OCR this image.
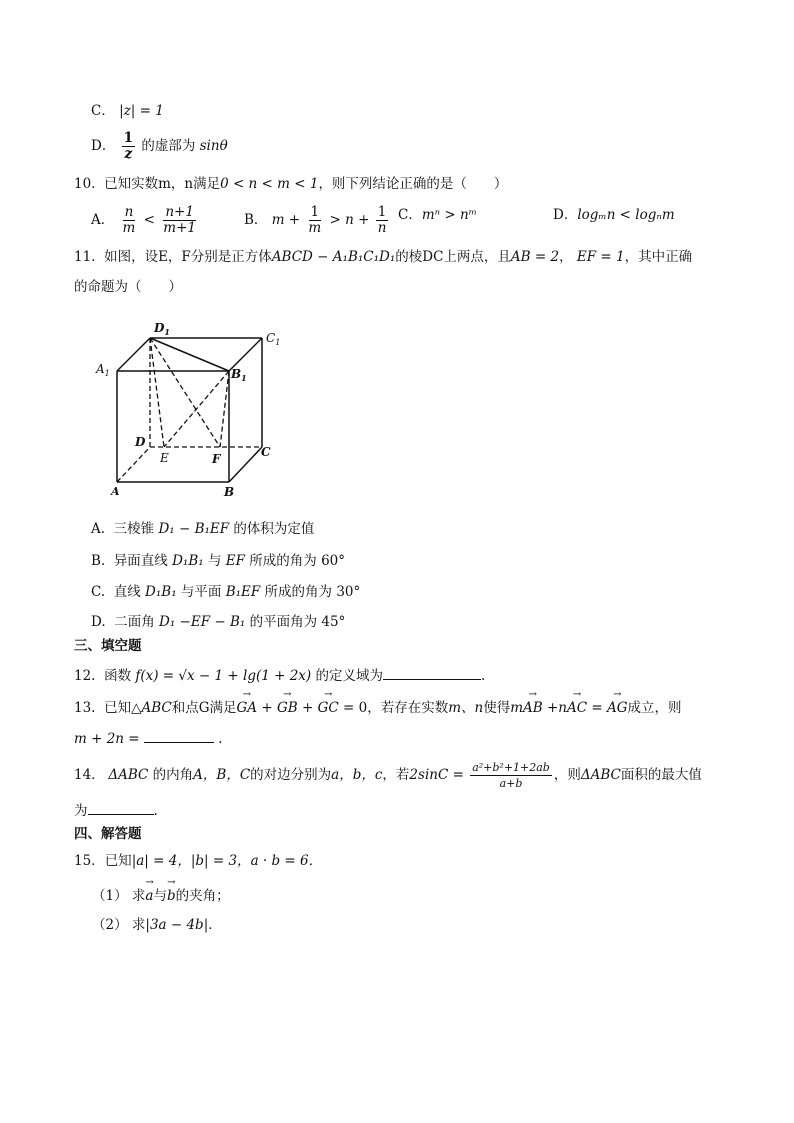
C． |z| = 1
D． $\frac{1}{z}$ 的虚部为 sinθ
10. 已知实数m，n满足0 < n < m < 1，则下列结论正确的是（　　）
A． $\frac{n}{m} < \frac{n+1}{m+1}$	B． $m + \frac{1}{m} > n + \frac{1}{n}$ C．mⁿ > nᵐ	D．logₘn < logₙm
11. 如图，设E，F分别是正方体ABCD − A₁B₁C₁D₁的棱DC上两点，且AB = 2， EF = 1，其中正确
的命题为（　　）
$D_1$	$C_1$
$A_1$	$B_1$
D
E	F	C
A	B
A. 三棱锥 D₁ − B₁EF 的体积为定值
B. 异面直线 D₁B₁ 与 EF 所成的角为 60°
C. 直线 D₁B₁ 与平面 B₁EF 所成的角为 30°
D. 二面角 D₁ −EF − B₁ 的平面角为 45°
三、填空题
12. 函数 f(x) = √x − 1 + lg(1 + 2x) 的定义域为	.
13. 已知△ABC和点G满足→ GA + → GB + → GC = 0，若存在实数m、n使得m→ AB +n→ AC = → AG成立，则
m + 2n =	.
14. ΔABC 的内角A，B，C的对边分别为a，b，c，若$2\sin C = \frac{\text{a²+b²+1+2ab}}{a+b}$ ，则ΔABC面积的最大值
为	.
四、解答题
15．已知|a| = 4，|b| = 3，a · b = 6．
（1） 求→ a与→ b的夹角；
（2） 求|3a − 4b|．
